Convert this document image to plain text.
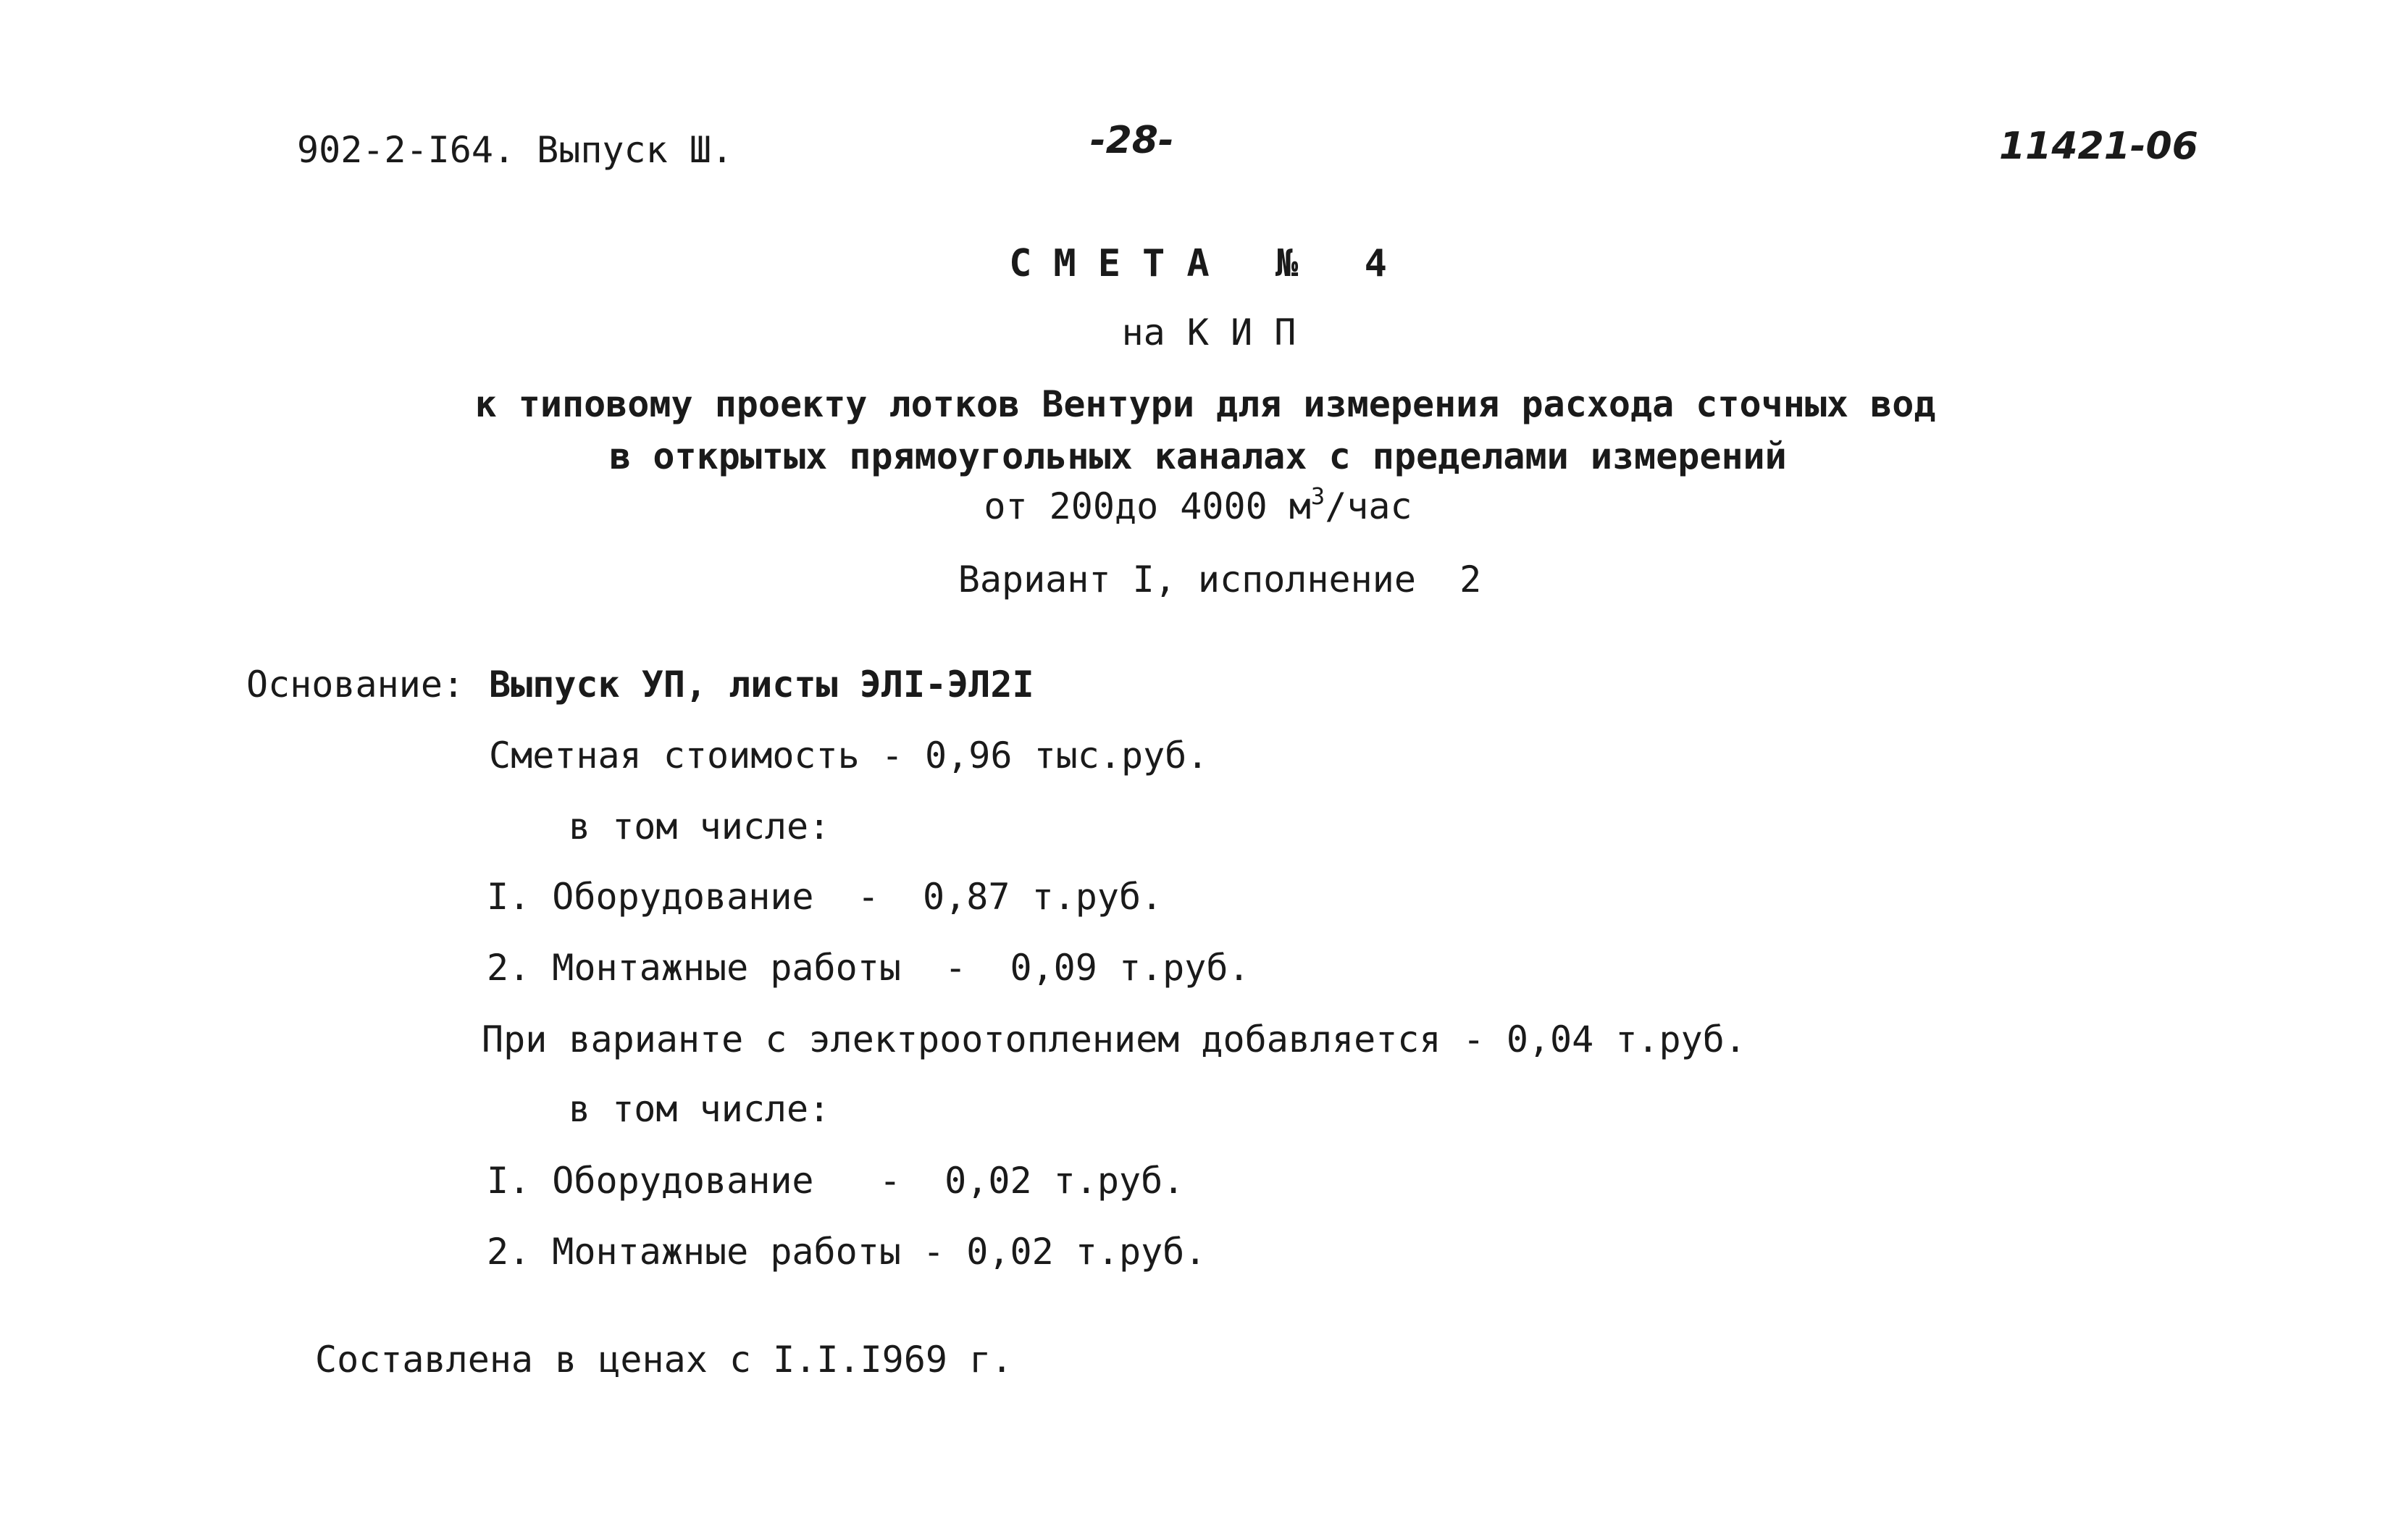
902-2-I64. Выпуск Ш.	-28-	11421-06
СМЕТА № 4
на К И П
к типовому проекту лотков Вентури для измерения расхода сточных вод
в открытых прямоугольных каналах с пределами измерений
от 200до 4000 $м^3$/час
Вариант I, исполнение  2
Основание: Выпуск УП, листы ЭЛI-ЭЛ2I
Сметная стоимость - 0,96 тыс.руб.
в том числе:
I. Оборудование  -  0,87 т.руб.
2. Монтажные работы  -  0,09 т.руб.
При варианте с электроотоплением добавляется - 0,04 т.руб.
в том числе:
I. Оборудование   -  0,02 т.руб.
2. Монтажные работы - 0,02 т.руб.
Составлена в ценах с I.I.I969 г.
